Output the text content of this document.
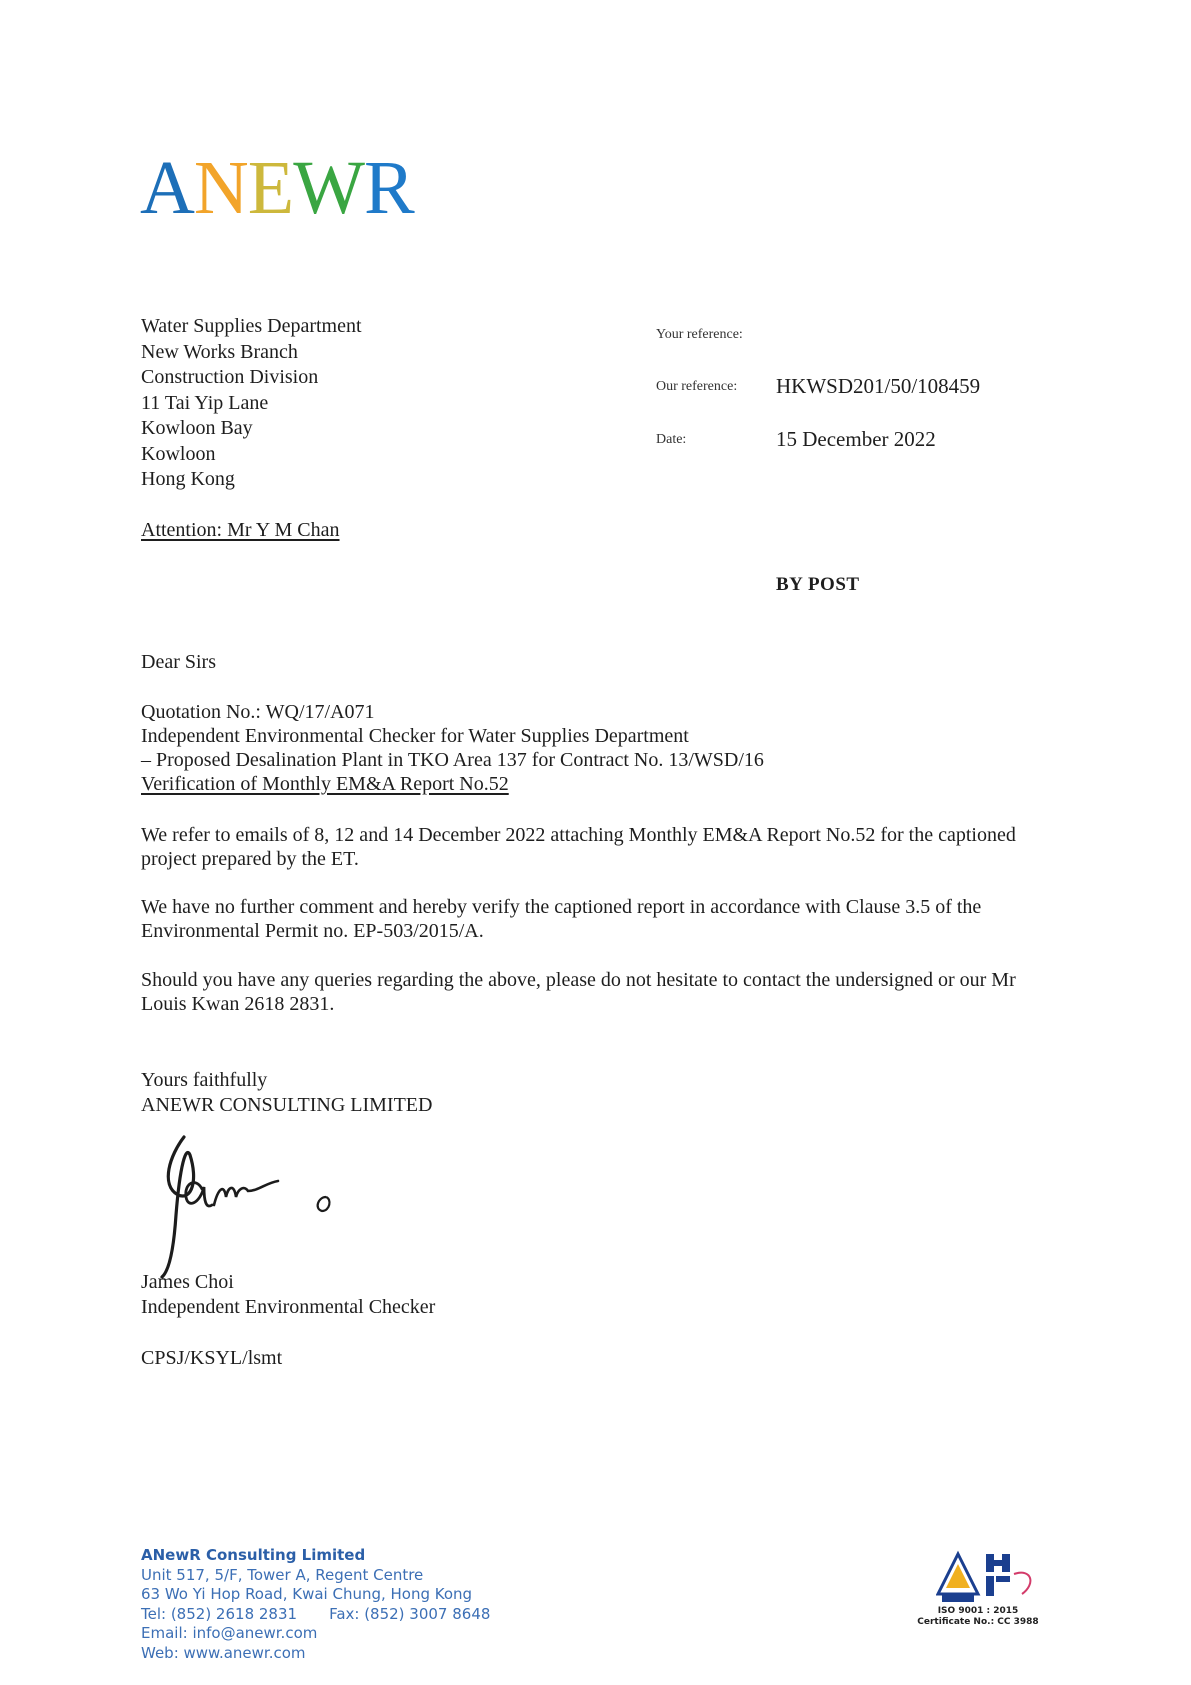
ANEWR
Water Supplies Department
New Works Branch
Construction Division
11 Tai Yip Lane
Kowloon Bay
Kowloon
Hong Kong
Attention: Mr Y M Chan
Your reference:
Our reference: HKWSD201/50/108459
Date:	15 December 2022
BY POST
Dear Sirs
Quotation No.: WQ/17/A071
Independent Environmental Checker for Water Supplies Department
– Proposed Desalination Plant in TKO Area 137 for Contract No. 13/WSD/16
Verification of Monthly EM&A Report No.52
We refer to emails of 8, 12 and 14 December 2022 attaching Monthly EM&A Report No.52 for the captioned project prepared by the ET.
We have no further comment and hereby verify the captioned report in accordance with Clause 3.5 of the Environmental Permit no. EP-503/2015/A.
Should you have any queries regarding the above, please do not hesitate to contact the undersigned or our Mr Louis Kwan 2618 2831.
Yours faithfully
ANEWR CONSULTING LIMITED
James Choi
Independent Environmental Checker
CPSJ/KSYL/lsmt
ANewR Consulting Limited
Unit 517, 5/F, Tower A, Regent Centre
63 Wo Yi Hop Road, Kwai Chung, Hong Kong
Tel: (852) 2618 2831 Fax: (852) 3007 8648
Email: info@anewr.com
Web: www.anewr.com
ISO 9001 : 2015
Certificate No.: CC 3988
